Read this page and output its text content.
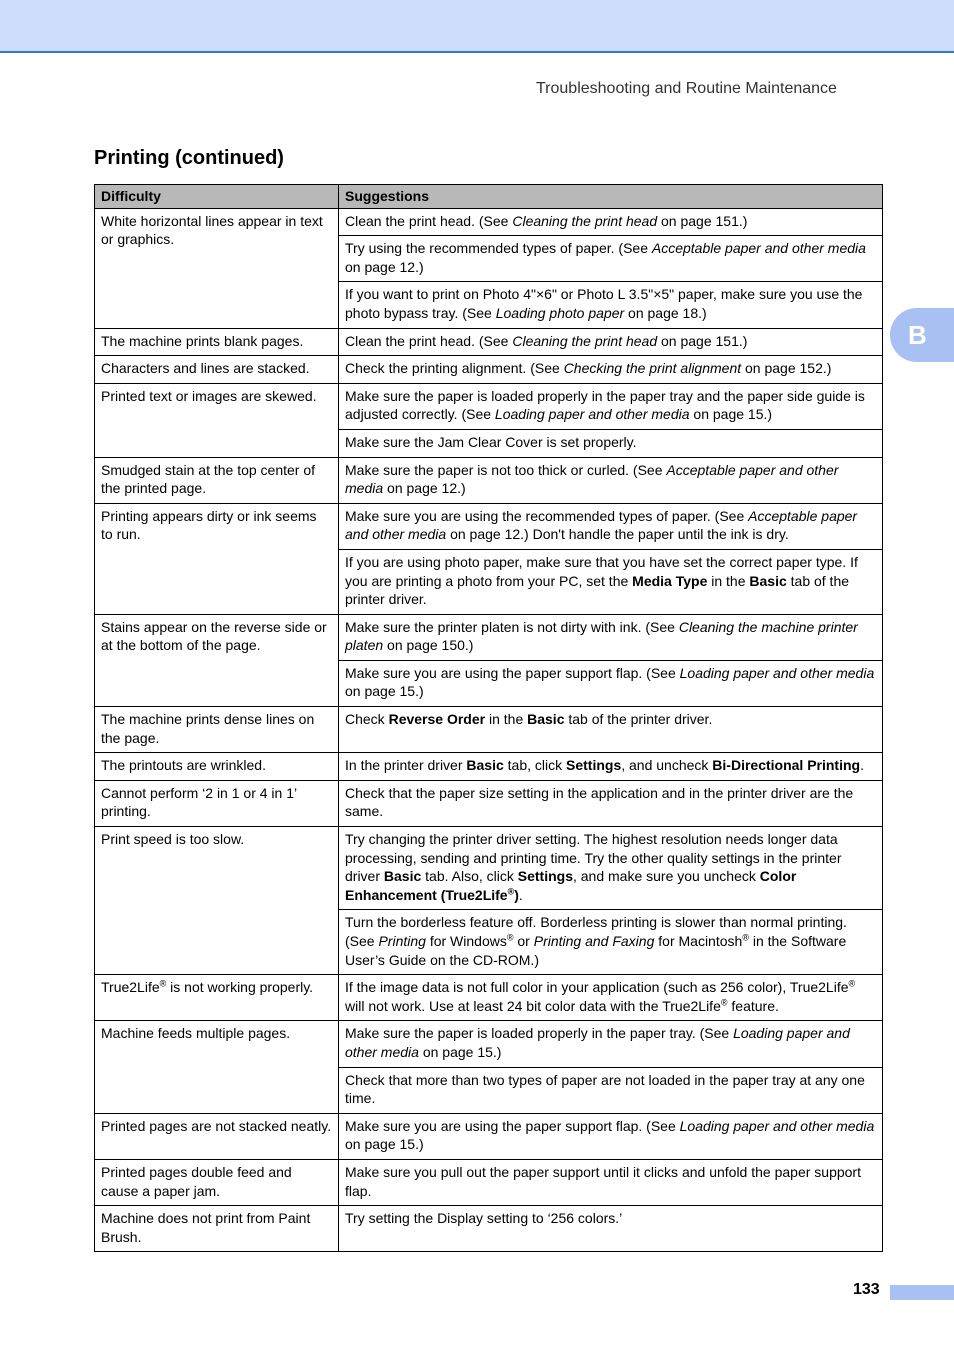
Troubleshooting and Routine Maintenance
Printing (continued)
B
Difficulty	Suggestions
White horizontal lines appear in text or graphics.	Clean the print head. (See Cleaning the print head on page 151.)
	Try using the recommended types of paper. (See Acceptable paper and other media on page 12.)
	If you want to print on Photo 4"×6" or Photo L 3.5"×5" paper, make sure you use the photo bypass tray. (See Loading photo paper on page 18.)
The machine prints blank pages.	Clean the print head. (See Cleaning the print head on page 151.)
Characters and lines are stacked.	Check the printing alignment. (See Checking the print alignment on page 152.)
Printed text or images are skewed.	Make sure the paper is loaded properly in the paper tray and the paper side guide is adjusted correctly. (See Loading paper and other media on page 15.)
	Make sure the Jam Clear Cover is set properly.
Smudged stain at the top center of the printed page.	Make sure the paper is not too thick or curled. (See Acceptable paper and other media on page 12.)
Printing appears dirty or ink seems to run.	Make sure you are using the recommended types of paper. (See Acceptable paper and other media on page 12.) Don't handle the paper until the ink is dry.
	If you are using photo paper, make sure that you have set the correct paper type. If you are printing a photo from your PC, set the Media Type in the Basic tab of the printer driver.
Stains appear on the reverse side or at the bottom of the page.	Make sure the printer platen is not dirty with ink. (See Cleaning the machine printer platen on page 150.)
	Make sure you are using the paper support flap. (See Loading paper and other media on page 15.)
The machine prints dense lines on the page.	Check Reverse Order in the Basic tab of the printer driver.
The printouts are wrinkled.	In the printer driver Basic tab, click Settings, and uncheck Bi-Directional Printing.
Cannot perform ‘2 in 1 or 4 in 1’ printing.	Check that the paper size setting in the application and in the printer driver are the same.
Print speed is too slow.	Try changing the printer driver setting. The highest resolution needs longer data processing, sending and printing time. Try the other quality settings in the printer driver Basic tab. Also, click Settings, and make sure you uncheck Color Enhancement (True2Life®).
	Turn the borderless feature off. Borderless printing is slower than normal printing. (See Printing for Windows® or Printing and Faxing for Macintosh® in the Software User’s Guide on the CD-ROM.)
True2Life® is not working properly.	If the image data is not full color in your application (such as 256 color), True2Life® will not work. Use at least 24 bit color data with the True2Life® feature.
Machine feeds multiple pages.	Make sure the paper is loaded properly in the paper tray. (See Loading paper and other media on page 15.)
	Check that more than two types of paper are not loaded in the paper tray at any one time.
Printed pages are not stacked neatly.	Make sure you are using the paper support flap. (See Loading paper and other media on page 15.)
Printed pages double feed and cause a paper jam.	Make sure you pull out the paper support until it clicks and unfold the paper support flap.
Machine does not print from Paint Brush.	Try setting the Display setting to ‘256 colors.’
133
